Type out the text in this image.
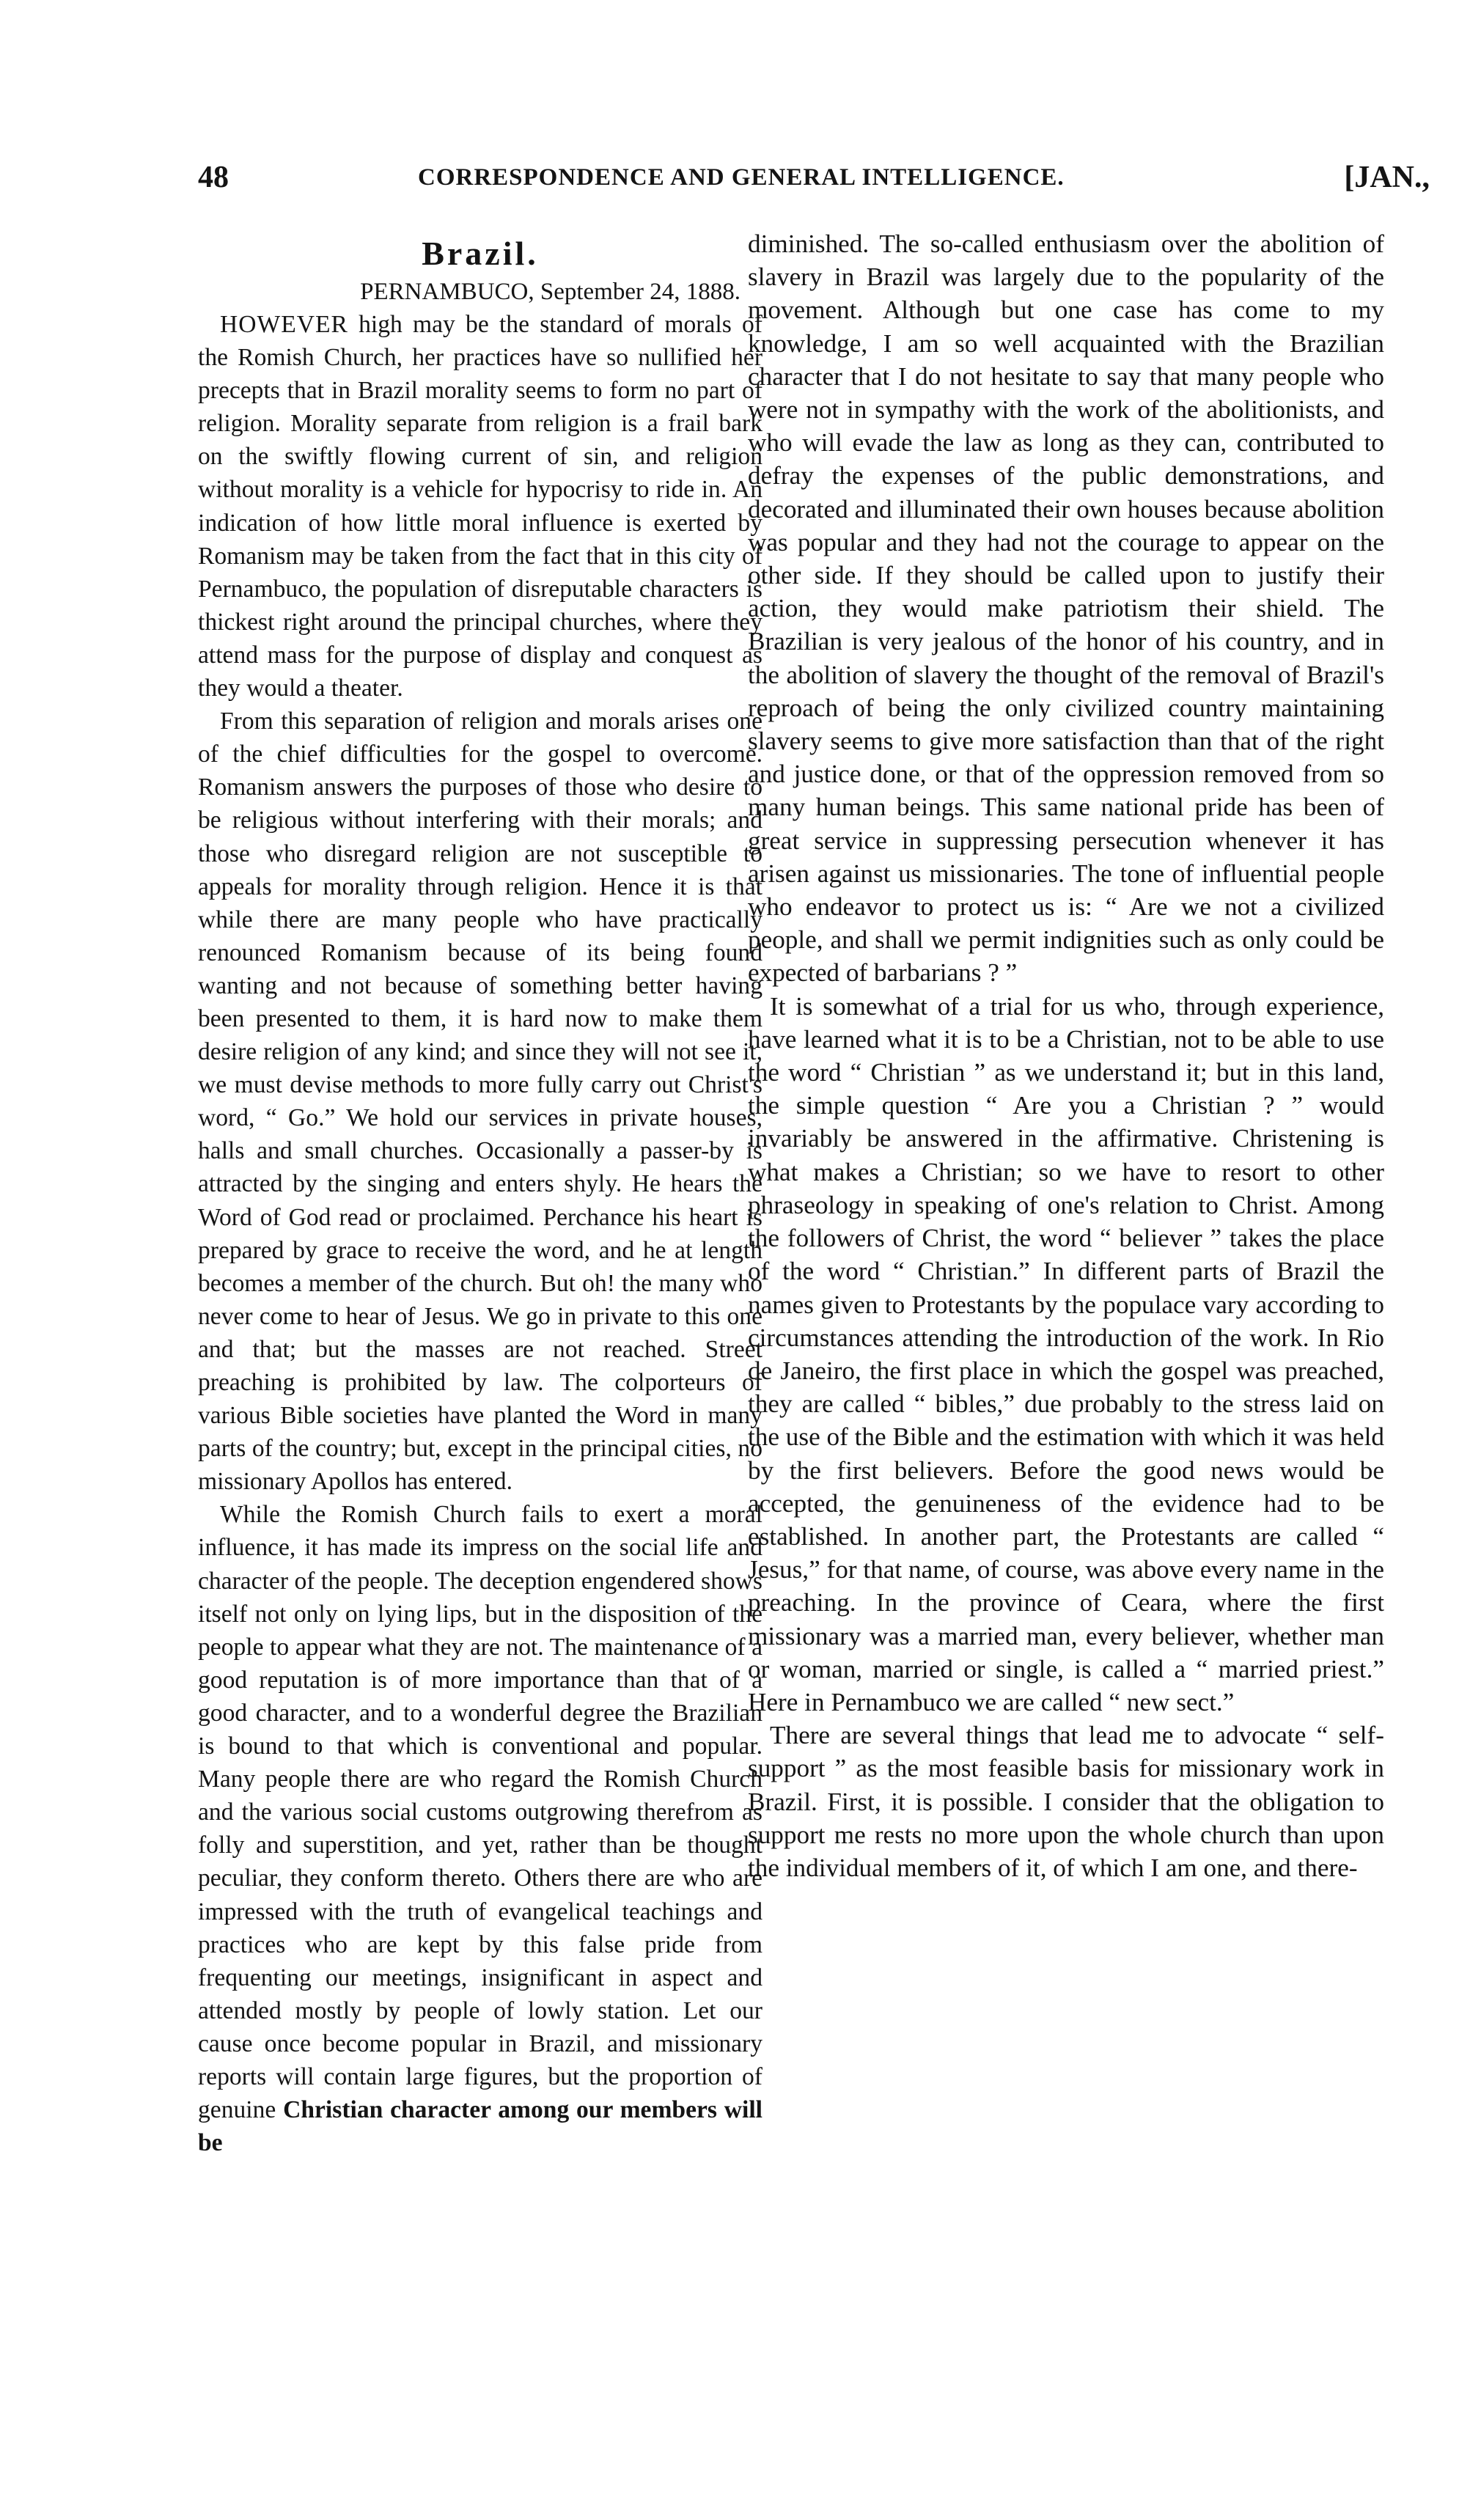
48	CORRESPONDENCE AND GENERAL INTELLIGENCE.	[JAN.,
Brazil.

PERNAMBUCO, September 24, 1888.

HOWEVER high may be the standard of morals of the Romish Church, her practices have so nullified her precepts that in Brazil morality seems to form no part of religion. Morality separate from religion is a frail bark on the swiftly flowing current of sin, and religion without morality is a vehicle for hypocrisy to ride in. An indication of how little moral influence is exerted by Romanism may be taken from the fact that in this city of Pernambuco, the population of disreputable characters is thickest right around the principal churches, where they attend mass for the purpose of display and conquest as they would a theater.

From this separation of religion and morals arises one of the chief difficulties for the gospel to overcome. Romanism answers the purposes of those who desire to be religious without interfering with their morals; and those who disregard religion are not susceptible to appeals for morality through religion. Hence it is that while there are many people who have practically renounced Romanism because of its being found wanting and not because of something better having been presented to them, it is hard now to make them desire religion of any kind; and since they will not see it, we must devise methods to more fully carry out Christ's word, “ Go.” We hold our services in private houses, halls and small churches. Occasionally a passer-by is attracted by the singing and enters shyly. He hears the Word of God read or proclaimed. Perchance his heart is prepared by grace to receive the word, and he at length becomes a member of the church. But oh! the many who never come to hear of Jesus. We go in private to this one and that; but the masses are not reached. Street preaching is prohibited by law. The colporteurs of various Bible societies have planted the Word in many parts of the country; but, except in the principal cities, no missionary Apollos has entered.

While the Romish Church fails to exert a moral influence, it has made its impress on the social life and character of the people. The deception engendered shows itself not only on lying lips, but in the disposition of the people to appear what they are not. The maintenance of a good reputation is of more importance than that of a good character, and to a wonderful degree the Brazilian is bound to that which is conventional and popular. Many people there are who regard the Romish Church and the various social customs outgrowing therefrom as folly and superstition, and yet, rather than be thought peculiar, they conform thereto. Others there are who are impressed with the truth of evangelical teachings and practices who are kept by this false pride from frequenting our meetings, insignificant in aspect and attended mostly by people of lowly station. Let our cause once become popular in Brazil, and missionary reports will contain large figures, but the proportion of genuine Christian character among our members will be

diminished. The so-called enthusiasm over the abolition of slavery in Brazil was largely due to the popularity of the movement. Although but one case has come to my knowledge, I am so well acquainted with the Brazilian character that I do not hesitate to say that many people who were not in sympathy with the work of the abolitionists, and who will evade the law as long as they can, contributed to defray the expenses of the public demonstrations, and decorated and illuminated their own houses because abolition was popular and they had not the courage to appear on the other side. If they should be called upon to justify their action, they would make patriotism their shield. The Brazilian is very jealous of the honor of his country, and in the abolition of slavery the thought of the removal of Brazil's reproach of being the only civilized country maintaining slavery seems to give more satisfaction than that of the right and justice done, or that of the oppression removed from so many human beings. This same national pride has been of great service in suppressing persecution whenever it has arisen against us missionaries. The tone of influential people who endeavor to protect us is: “ Are we not a civilized people, and shall we permit indignities such as only could be expected of barbarians ? ”

It is somewhat of a trial for us who, through experience, have learned what it is to be a Christian, not to be able to use the word “ Christian ” as we understand it; but in this land, the simple question “ Are you a Christian ? ” would invariably be answered in the affirmative. Christening is what makes a Christian; so we have to resort to other phraseology in speaking of one's relation to Christ. Among the followers of Christ, the word “ believer ” takes the place of the word “ Christian.” In different parts of Brazil the names given to Protestants by the populace vary according to circumstances attending the introduction of the work. In Rio de Janeiro, the first place in which the gospel was preached, they are called “ bibles,” due probably to the stress laid on the use of the Bible and the estimation with which it was held by the first believers. Before the good news would be accepted, the genuineness of the evidence had to be established. In another part, the Protestants are called “ Jesus,” for that name, of course, was above every name in the preaching. In the province of Ceara, where the first missionary was a married man, every believer, whether man or woman, married or single, is called a “ married priest.” Here in Pernambuco we are called “ new sect.”

There are several things that lead me to advocate “ self-support ” as the most feasible basis for missionary work in Brazil. First, it is possible. I consider that the obligation to support me rests no more upon the whole church than upon the individual members of it, of which I am one, and there-
